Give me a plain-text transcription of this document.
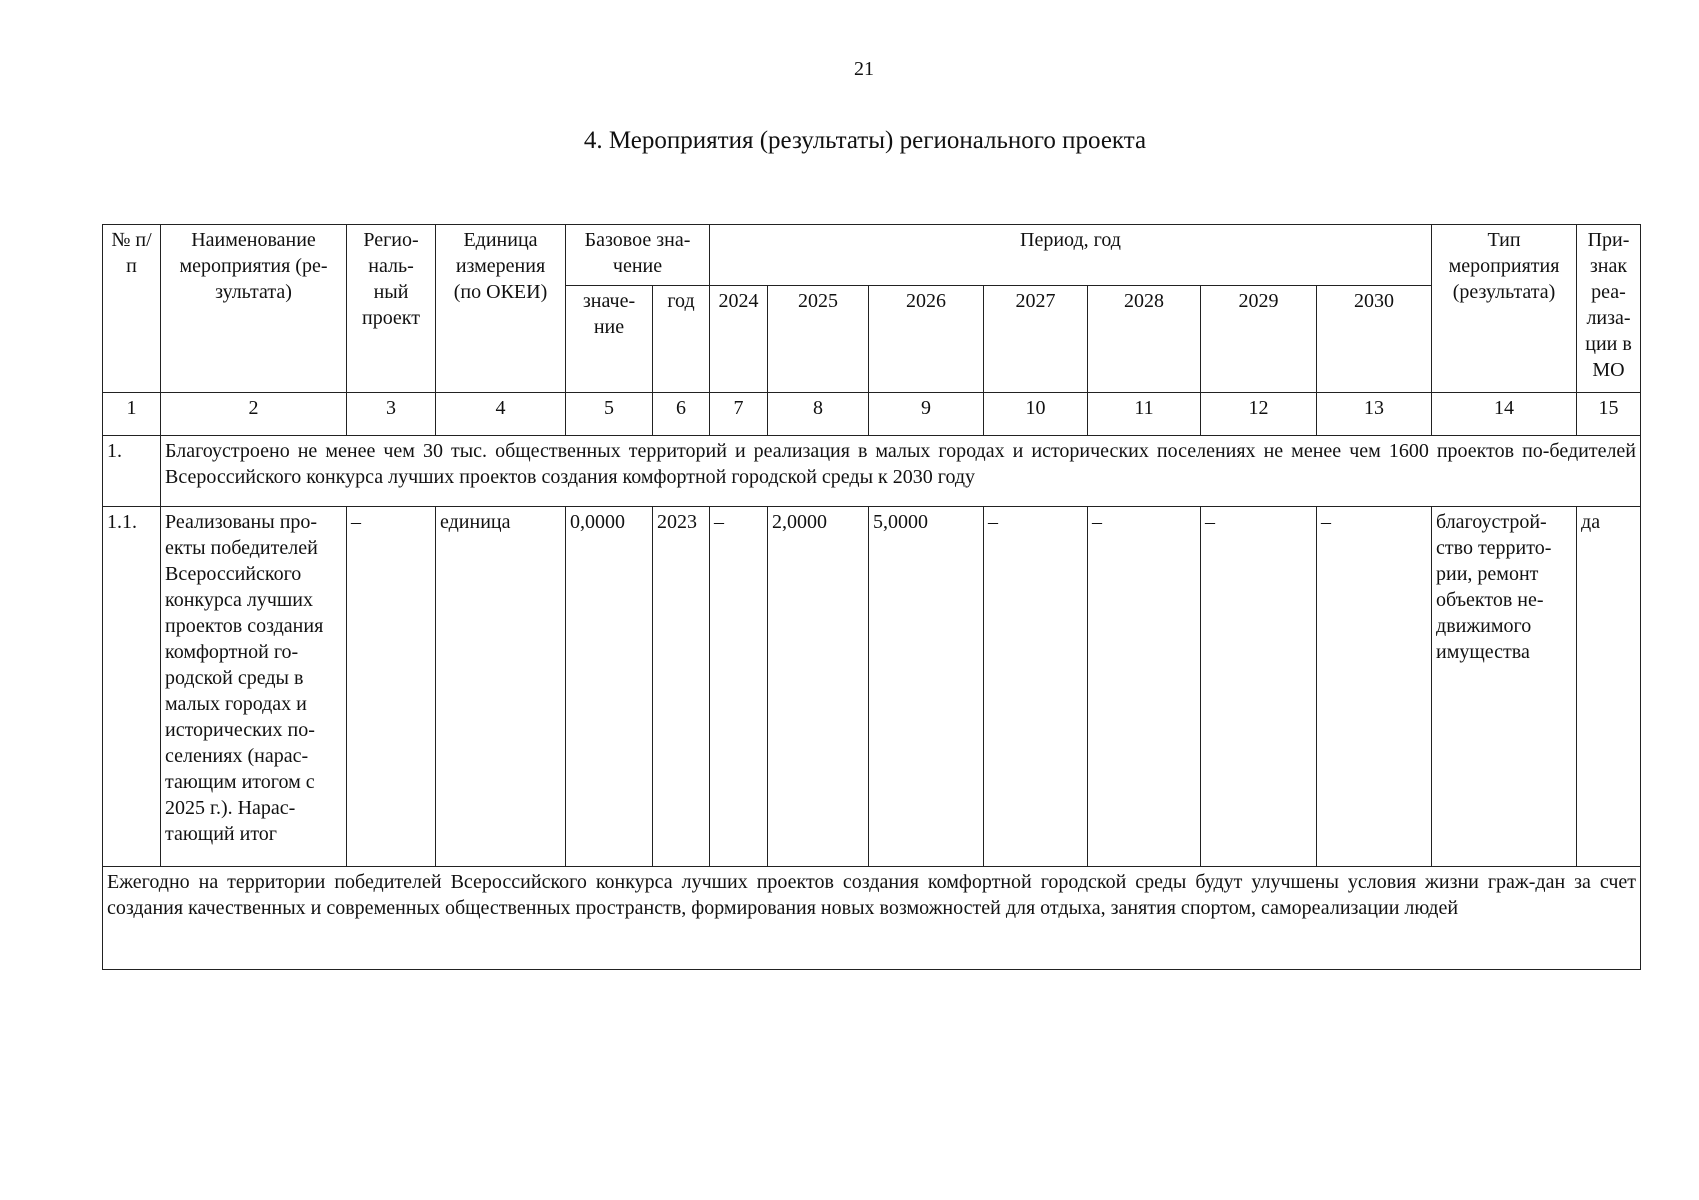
21
4. Мероприятия (результаты) регионального проекта
№ п/п	Наименование мероприятия (ре-зультата)	Регио-наль-ный проект	Единица измерения (по ОКЕИ)	Базовое зна-чение		Период, год							Тип мероприятия (результата)	При-знак реа-лиза-ции в МО
				значе-ние	год	2024	2025	2026	2027	2028	2029	2030		
1	2	3	4	5	6	7	8	9	10	11	12	13	14	15
1.	Благоустроено не менее чем 30 тыс. общественных территорий и реализация в малых городах и исторических поселениях не менее чем 1600 проектов по-бедителей Всероссийского конкурса лучших проектов создания комфортной городской среды к 2030 году													
1.1.	Реализованы про-екты победителей Всероссийского конкурса лучших проектов создания комфортной го-родской среды в малых городах и исторических по-селениях (нарас-тающим итогом с 2025 г.). Нарас-тающий итог	–	единица	0,0000	2023	–	2,0000	5,0000	–	–	–	–	благоустрой-ство террито-рии, ремонт объектов не-движимого имущества	да
Ежегодно на территории победителей Всероссийского конкурса лучших проектов создания комфортной городской среды будут улучшены условия жизни граж-дан за счет создания качественных и современных общественных пространств, формирования новых возможностей для отдыха, занятия спортом, самореализации людей														
